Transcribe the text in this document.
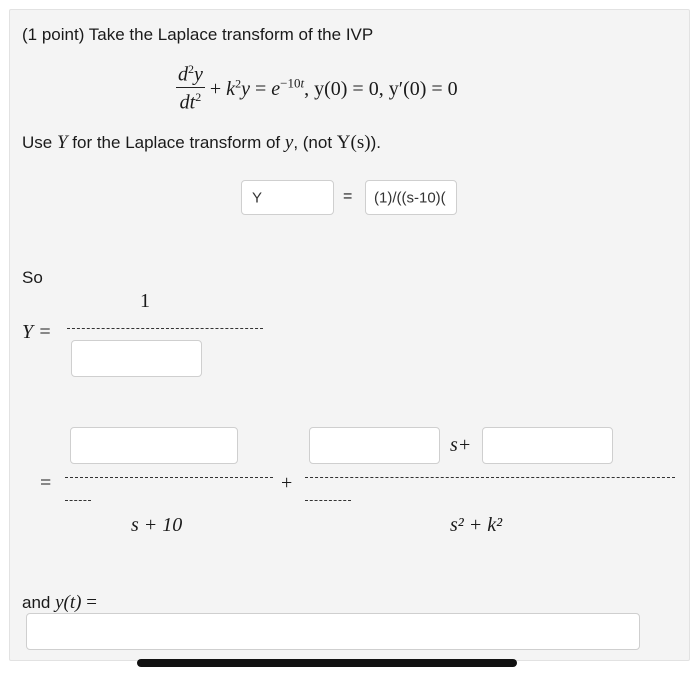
(1 point) Take the Laplace transform of the IVP
$\frac{d^2y}{dt^2} + k^2y = e^{-10t}$, y(0) = 0, y′(0) = 0
Use Y for the Laplace transform of y, (not Y(s)).
Y	= (1)/((s-10)(
So
1
Y =
s+
=	+
s + 10	s² + k²
and y(t) =
